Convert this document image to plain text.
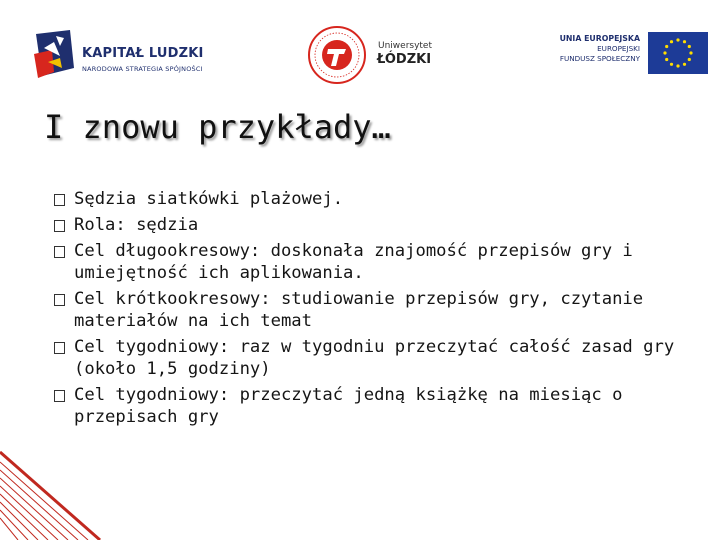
KAPITAŁ LUDZKI
NARODOWA STRATEGIA SPÓJNOŚCI
Uniwersytet
ŁÓDZKI
UNIA EUROPEJSKA
EUROPEJSKI
FUNDUSZ SPOŁECZNY
I znowu przykłady…
Sędzia siatkówki plażowej.
Rola: sędzia
Cel długookresowy: doskonała znajomość przepisów gry i umiejętność ich aplikowania.
Cel krótkookresowy: studiowanie przepisów gry, czytanie materiałów na ich temat
Cel tygodniowy: raz w tygodniu przeczytać całość zasad gry (około 1,5 godziny)
Cel tygodniowy: przeczytać jedną książkę na miesiąc o przepisach gry
